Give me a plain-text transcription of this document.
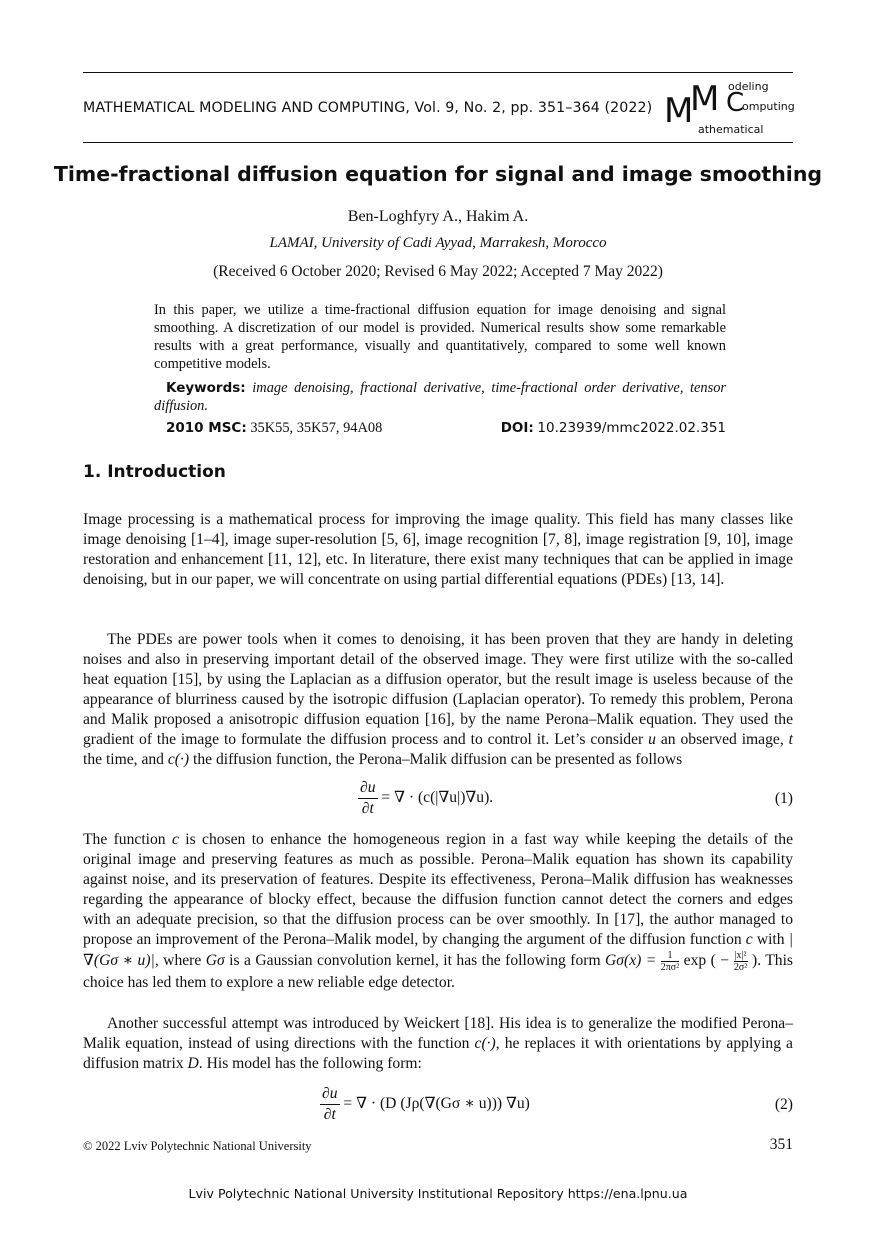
MATHEMATICAL MODELING AND COMPUTING, Vol. 9, No. 2, pp. 351–364 (2022) M
M C
odeling
omputing
athematical
Time-fractional diffusion equation for signal and image smoothing
Ben-Loghfyry A., Hakim A.
LAMAI, University of Cadi Ayyad, Marrakesh, Morocco
(Received 6 October 2020; Revised 6 May 2022; Accepted 7 May 2022)
In this paper, we utilize a time-fractional diffusion equation for image denoising and signal smoothing. A discretization of our model is provided. Numerical results show some remarkable results with a great performance, visually and quantitatively, compared to some well known competitive models.
Keywords: image denoising, fractional derivative, time-fractional order derivative, tensor diffusion.
2010 MSC: 35K55, 35K57, 94A08	DOI: 10.23939/mmc2022.02.351
1. Introduction
Image processing is a mathematical process for improving the image quality. This field has many classes like image denoising [1–4], image super-resolution [5, 6], image recognition [7, 8], image registration [9, 10], image restoration and enhancement [11, 12], etc. In literature, there exist many techniques that can be applied in image denoising, but in our paper, we will concentrate on using partial differential equations (PDEs) [13, 14].
The PDEs are power tools when it comes to denoising, it has been proven that they are handy in deleting noises and also in preserving important detail of the observed image. They were first utilize with the so-called heat equation [15], by using the Laplacian as a diffusion operator, but the result image is useless because of the appearance of blurriness caused by the isotropic diffusion (Laplacian operator). To remedy this problem, Perona and Malik proposed a anisotropic diffusion equation [16], by the name Perona–Malik equation. They used the gradient of the image to formulate the diffusion process and to control it. Let’s consider u an observed image, t the time, and c(·) the diffusion function, the Perona–Malik diffusion can be presented as follows
$\frac{\partial u}{\partial t}$ = ∇ · (c(|∇u|)∇u).	(1)
The function c is chosen to enhance the homogeneous region in a fast way while keeping the details of the original image and preserving features as much as possible. Perona–Malik equation has shown its capability against noise, and its preservation of features. Despite its effectiveness, Perona–Malik diffusion has weaknesses regarding the appearance of blocky effect, because the diffusion function cannot detect the corners and edges with an adequate precision, so that the diffusion process can be over smoothly. In [17], the author managed to propose an improvement of the Perona–Malik model, by changing the argument of the diffusion function c with |∇(Gσ ∗ u)|, where Gσ is a Gaussian convolution kernel, it has the following form $G\sigma(x) = \frac{1}{\text{2πσ²}}$ exp ( − $\frac{\text{|x|²}}{\text{2σ²}}$ ). This choice has led them to explore a new reliable edge detector.
Another successful attempt was introduced by Weickert [18]. His idea is to generalize the modified Perona–Malik equation, instead of using directions with the function c(·), he replaces it with orientations by applying a diffusion matrix D. His model has the following form:
$\frac{\partial u}{\partial t}$ = ∇ · (D (Jρ(∇(Gσ ∗ u))) ∇u)	(2)
© 2022 Lviv Polytechnic National University	351
Lviv Polytechnic National University Institutional Repository https://ena.lpnu.ua
